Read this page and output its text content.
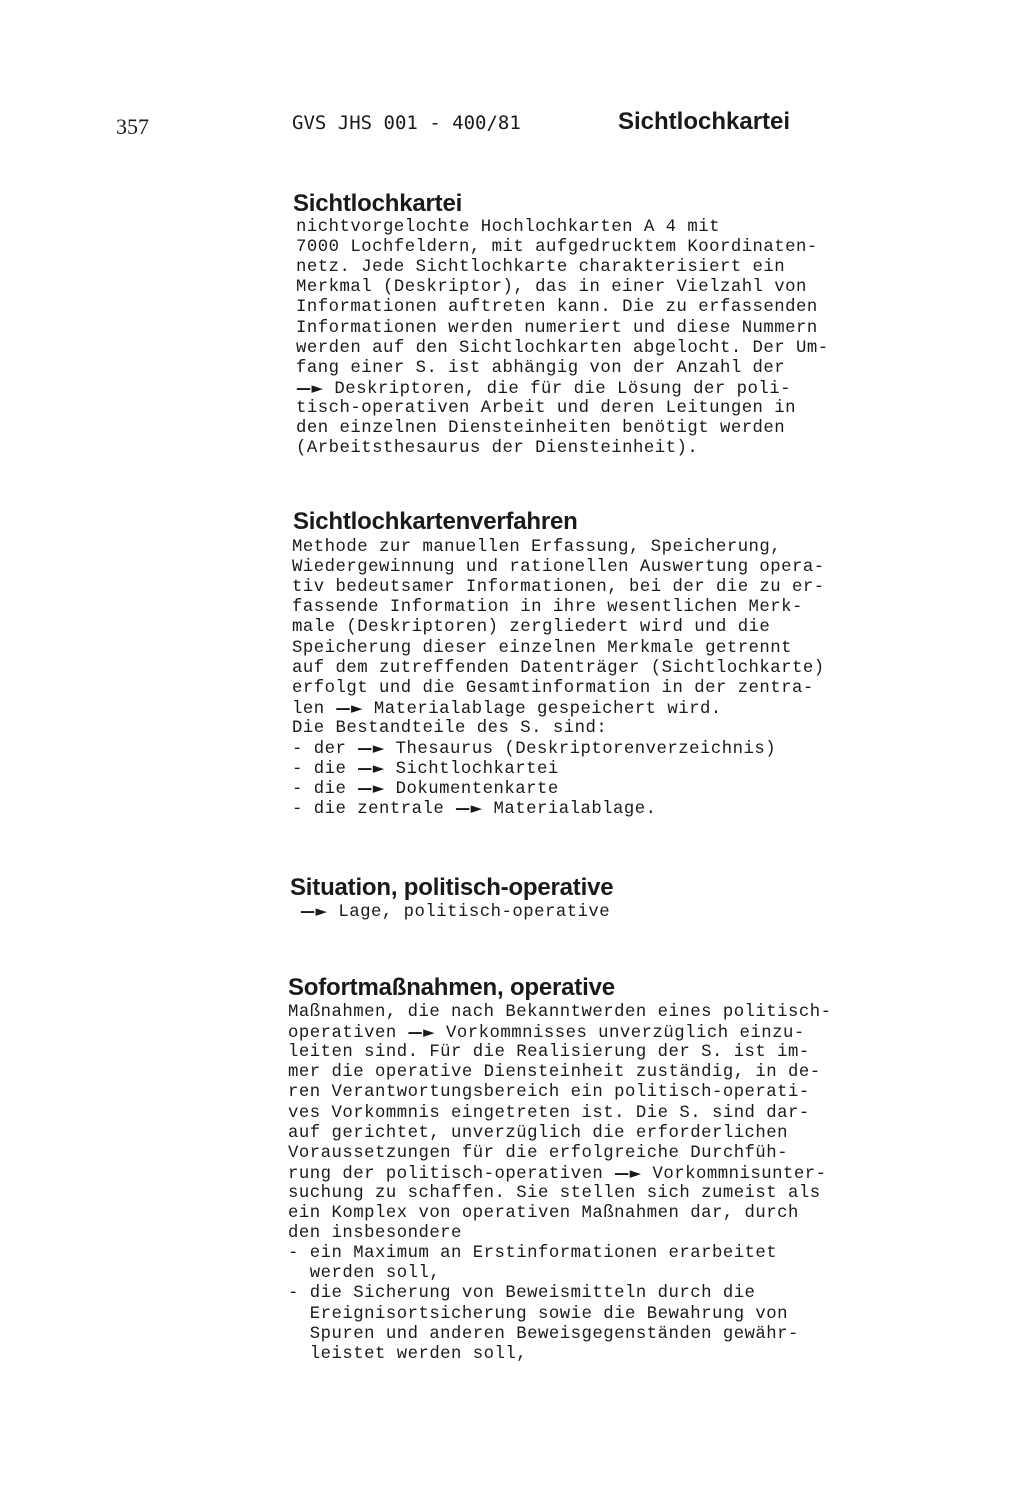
357	GVS JHS 001 - 400/81	Sichtlochkartei
Sichtlochkartei
nichtvorgelochte Hochlochkarten A 4 mit
7000 Lochfeldern, mit aufgedrucktem Koordinaten-
netz. Jede Sichtlochkarte charakterisiert ein
Merkmal (Deskriptor), das in einer Vielzahl von
Informationen auftreten kann. Die zu erfassenden
Informationen werden numeriert und diese Nummern
werden auf den Sichtlochkarten abgelocht. Der Um-
fang einer S. ist abhängig von der Anzahl der
—► Deskriptoren, die für die Lösung der poli-
tisch-operativen Arbeit und deren Leitungen in
den einzelnen Diensteinheiten benötigt werden
(Arbeitsthesaurus der Diensteinheit).
Sichtlochkartenverfahren
Methode zur manuellen Erfassung, Speicherung,
Wiedergewinnung und rationellen Auswertung opera-
tiv bedeutsamer Informationen, bei der die zu er-
fassende Information in ihre wesentlichen Merk-
male (Deskriptoren) zergliedert wird und die
Speicherung dieser einzelnen Merkmale getrennt
auf dem zutreffenden Datenträger (Sichtlochkarte)
erfolgt und die Gesamtinformation in der zentra-
len —► Materialablage gespeichert wird.
Die Bestandteile des S. sind:
- der —► Thesaurus (Deskriptorenverzeichnis)
- die —► Sichtlochkartei
- die —► Dokumentenkarte
- die zentrale —► Materialablage.
Situation, politisch-operative
—► Lage, politisch-operative
Sofortmaßnahmen, operative
Maßnahmen, die nach Bekanntwerden eines politisch-
operativen —► Vorkommnisses unverzüglich einzu-
leiten sind. Für die Realisierung der S. ist im-
mer die operative Diensteinheit zuständig, in de-
ren Verantwortungsbereich ein politisch-operati-
ves Vorkommnis eingetreten ist. Die S. sind dar-
auf gerichtet, unverzüglich die erforderlichen
Voraussetzungen für die erfolgreiche Durchfüh-
rung der politisch-operativen —► Vorkommnisunter-
suchung zu schaffen. Sie stellen sich zumeist als
ein Komplex von operativen Maßnahmen dar, durch
den insbesondere
- ein Maximum an Erstinformationen erarbeitet
werden soll,
- die Sicherung von Beweismitteln durch die
Ereignisortsicherung sowie die Bewahrung von
Spuren und anderen Beweisgegenständen gewähr-
leistet werden soll,
